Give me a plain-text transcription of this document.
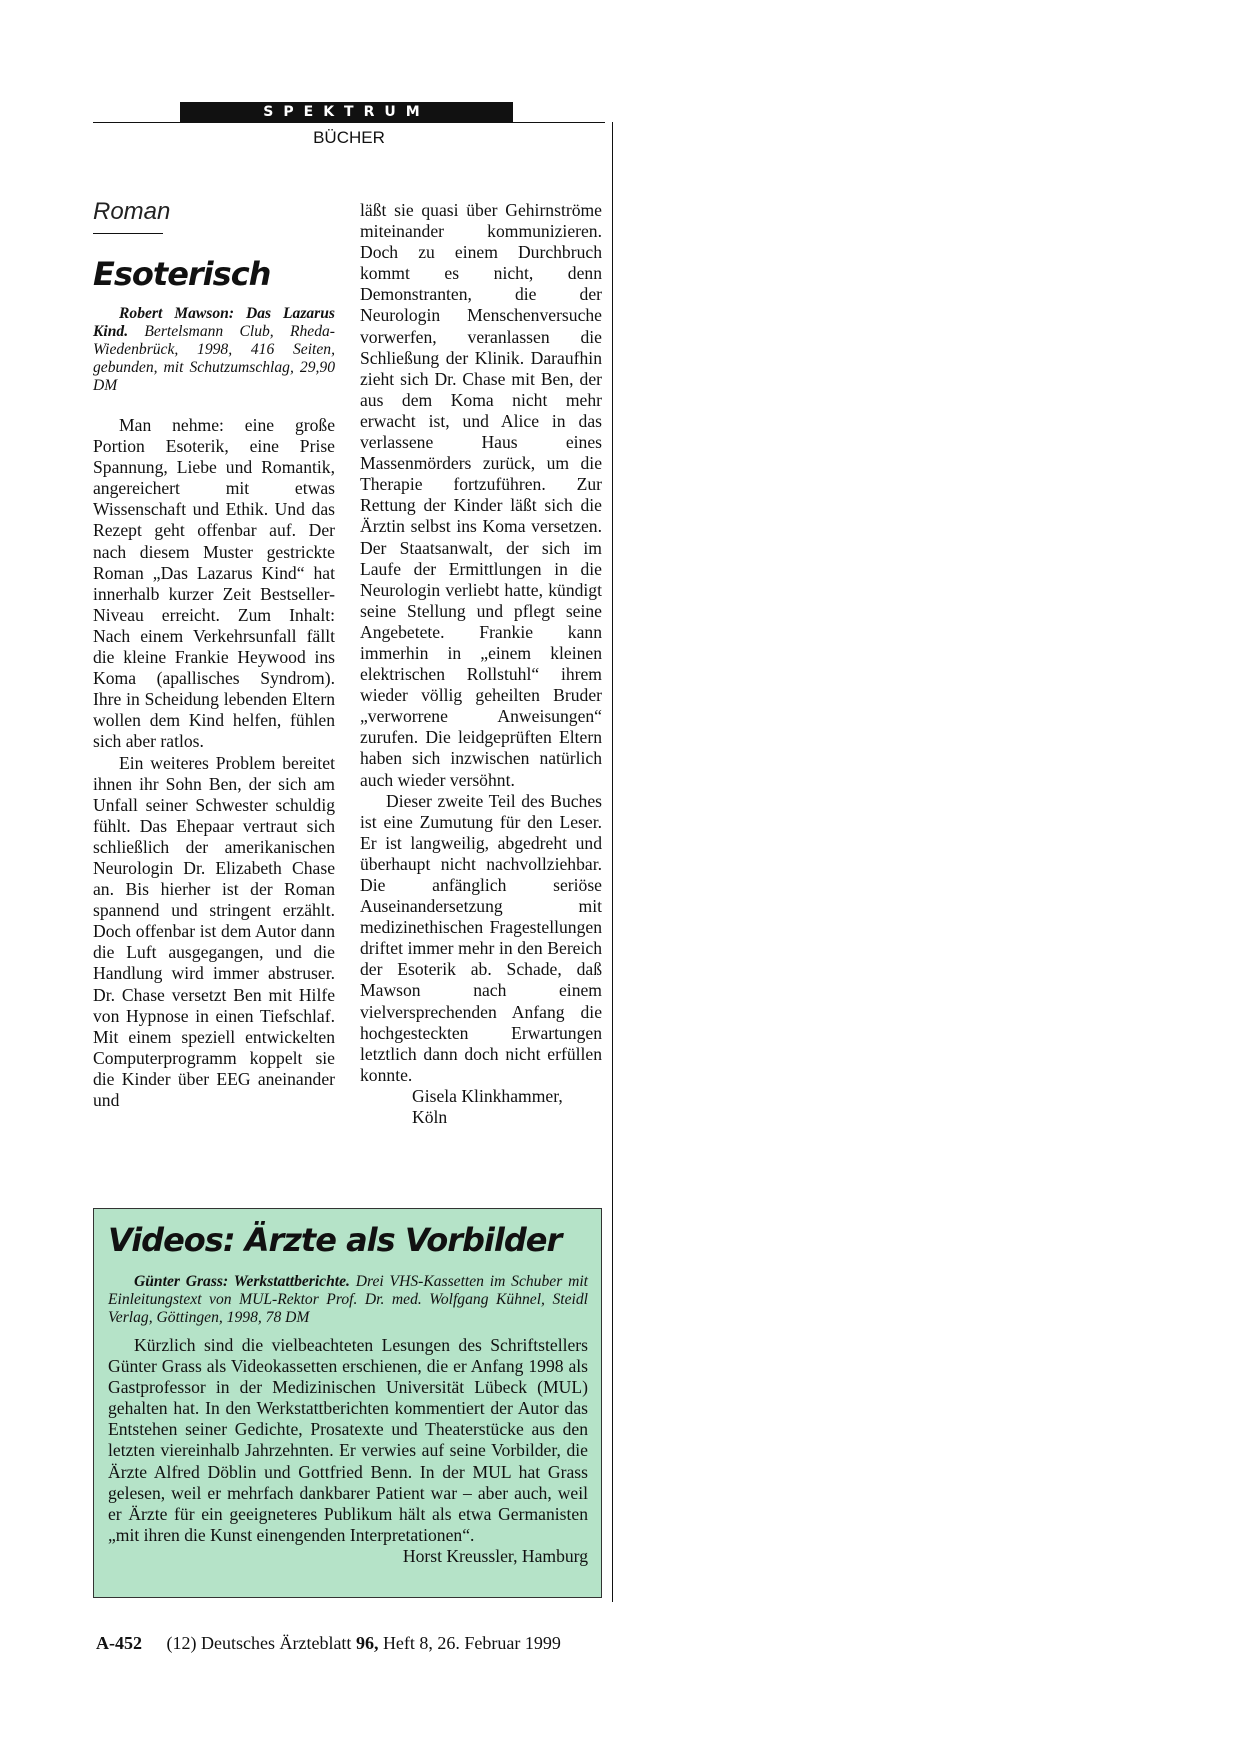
SPEKTRUM
BÜCHER
Roman
Esoterisch
Robert Mawson: Das Lazarus Kind. Bertelsmann Club, Rheda-Wiedenbrück, 1998, 416 Seiten, gebunden, mit Schutzumschlag, 29,90 DM

Man nehme: eine große Portion Esoterik, eine Prise Spannung, Liebe und Romantik, angereichert mit etwas Wissenschaft und Ethik. Und das Rezept geht offenbar auf. Der nach diesem Muster gestrickte Roman „Das Lazarus Kind“ hat innerhalb kurzer Zeit Bestseller-Niveau erreicht. Zum Inhalt: Nach einem Verkehrsunfall fällt die kleine Frankie Heywood ins Koma (apallisches Syndrom). Ihre in Scheidung lebenden Eltern wollen dem Kind helfen, fühlen sich aber ratlos.

Ein weiteres Problem bereitet ihnen ihr Sohn Ben, der sich am Unfall seiner Schwester schuldig fühlt. Das Ehepaar vertraut sich schließlich der amerikanischen Neurologin Dr. Elizabeth Chase an. Bis hierher ist der Roman spannend und stringent erzählt. Doch offenbar ist dem Autor dann die Luft ausgegangen, und die Handlung wird immer abstruser. Dr. Chase versetzt Ben mit Hilfe von Hypnose in einen Tiefschlaf. Mit einem speziell entwickelten Computerprogramm koppelt sie die Kinder über EEG aneinander und

läßt sie quasi über Gehirnströme miteinander kommunizieren. Doch zu einem Durchbruch kommt es nicht, denn Demonstranten, die der Neurologin Menschenversuche vorwerfen, veranlassen die Schließung der Klinik. Daraufhin zieht sich Dr. Chase mit Ben, der aus dem Koma nicht mehr erwacht ist, und Alice in das verlassene Haus eines Massenmörders zurück, um die Therapie fortzuführen. Zur Rettung der Kinder läßt sich die Ärztin selbst ins Koma versetzen. Der Staatsanwalt, der sich im Laufe der Ermittlungen in die Neurologin verliebt hatte, kündigt seine Stellung und pflegt seine Angebetete. Frankie kann immerhin in „einem kleinen elektrischen Rollstuhl“ ihrem wieder völlig geheilten Bruder „verworrene Anweisungen“ zurufen. Die leidgeprüften Eltern haben sich inzwischen natürlich auch wieder versöhnt.

Dieser zweite Teil des Buches ist eine Zumutung für den Leser. Er ist langweilig, abgedreht und überhaupt nicht nachvollziehbar. Die anfänglich seriöse Auseinandersetzung mit medizinethischen Fragestellungen driftet immer mehr in den Bereich der Esoterik ab. Schade, daß Mawson nach einem vielversprechenden Anfang die hochgesteckten Erwartungen letztlich dann doch nicht erfüllen konnte.

Gisela Klinkhammer,

Köln

Videos: Ärzte als Vorbilder
Günter Grass: Werkstattberichte. Drei VHS-Kassetten im Schuber mit Einleitungstext von MUL-Rektor Prof. Dr. med. Wolfgang Kühnel, Steidl Verlag, Göttingen, 1998, 78 DM
Kürzlich sind die vielbeachteten Lesungen des Schriftstellers Günter Grass als Videokassetten erschienen, die er Anfang 1998 als Gastprofessor in der Medizinischen Universität Lübeck (MUL) gehalten hat. In den Werkstattberichten kommentiert der Autor das Entstehen seiner Gedichte, Prosatexte und Theaterstücke aus den letzten viereinhalb Jahrzehnten. Er verwies auf seine Vorbilder, die Ärzte Alfred Döblin und Gottfried Benn. In der MUL hat Grass gelesen, weil er mehrfach dankbarer Patient war – aber auch, weil er Ärzte für ein geeigneteres Publikum hält als etwa Germanisten „mit ihren die Kunst einengenden Interpretationen“.
Horst Kreussler, Hamburg
A-452 (12) Deutsches Ärzteblatt 96, Heft 8, 26. Februar 1999
